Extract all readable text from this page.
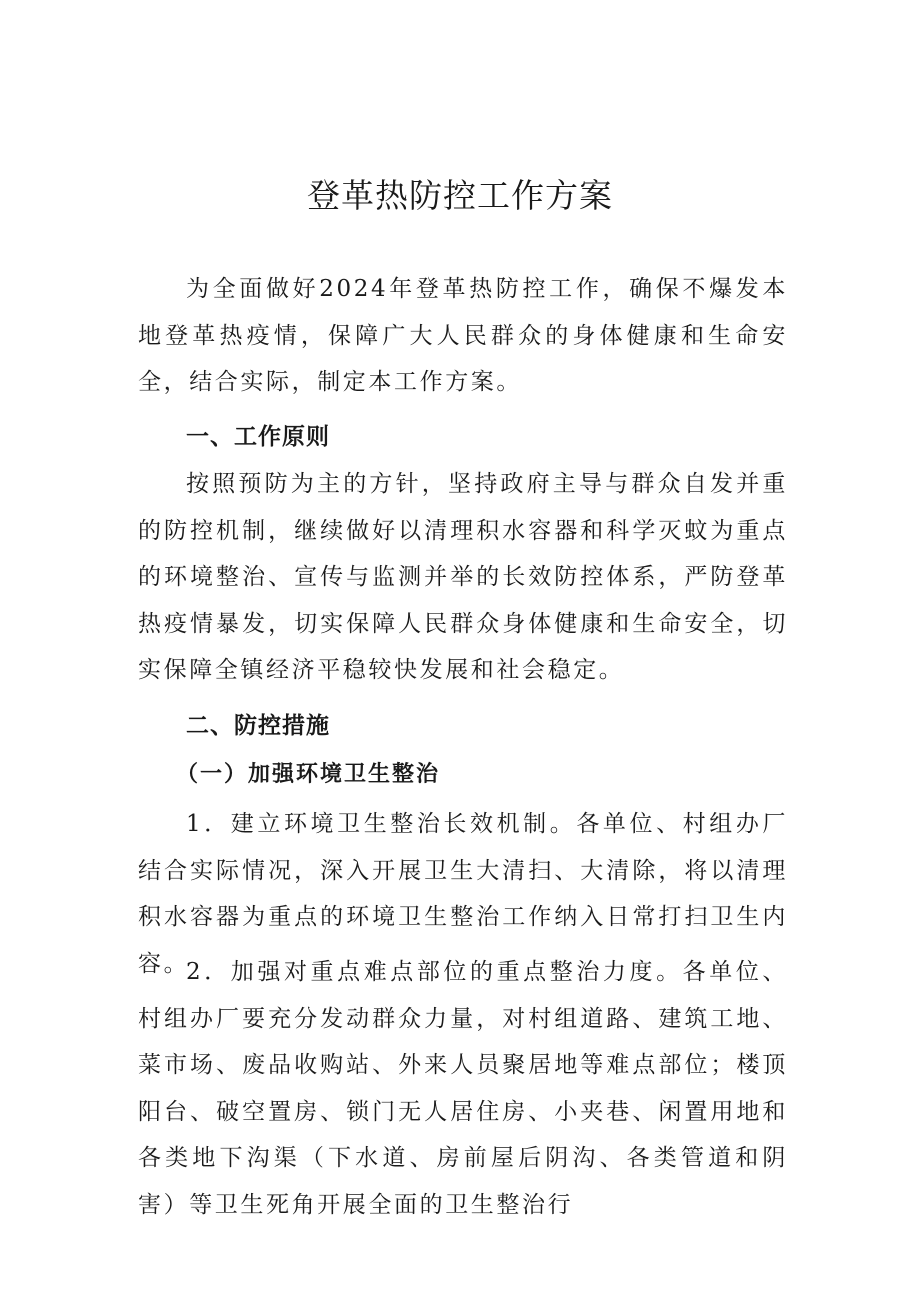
登革热防控工作方案

为全面做好2024年登革热防控工作，确保不爆发本地登革热疫情，保障广大人民群众的身体健康和生命安全，结合实际，制定本工作方案。

一、工作原则

按照预防为主的方针，坚持政府主导与群众自发并重的防控机制，继续做好以清理积水容器和科学灭蚊为重点的环境整治、宣传与监测并举的长效防控体系，严防登革热疫情暴发，切实保障人民群众身体健康和生命安全，切实保障全镇经济平稳较快发展和社会稳定。

二、防控措施
（一）加强环境卫生整治

1．建立环境卫生整治长效机制。各单位、村组办厂结合实际情况，深入开展卫生大清扫、大清除，将以清理积水容器为重点的环境卫生整治工作纳入日常打扫卫生内容。

2．加强对重点难点部位的重点整治力度。各单位、村组办厂要充分发动群众力量，对村组道路、建筑工地、菜市场、废品收购站、外来人员聚居地等难点部位；楼顶阳台、破空置房、锁门无人居住房、小夹巷、闲置用地和各类地下沟渠（下水道、房前屋后阴沟、各类管道和阴害）等卫生死角开展全面的卫生整治行
